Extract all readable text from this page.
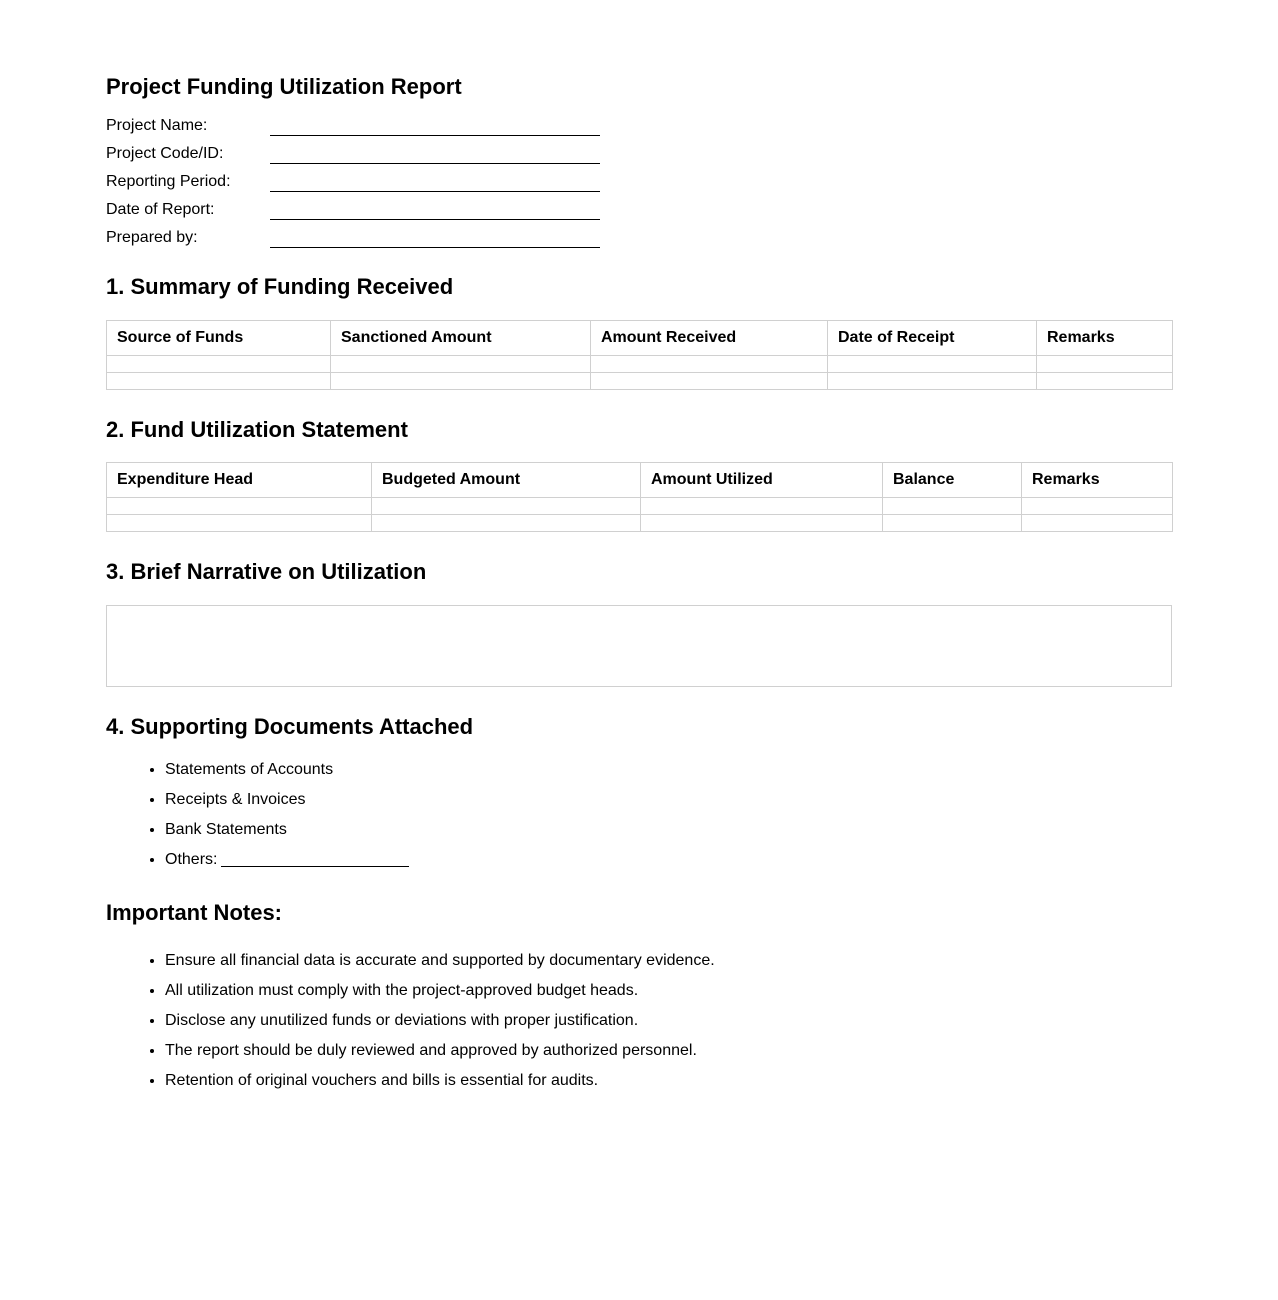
Project Funding Utilization Report
Project Name:
Project Code/ID:
Reporting Period:
Date of Report:
Prepared by:
1. Summary of Funding Received
Source of Funds	Sanctioned Amount	Amount Received	Date of Receipt	Remarks

2. Fund Utilization Statement
Expenditure Head	Budgeted Amount	Amount Utilized	Balance	Remarks

3. Brief Narrative on Utilization
4. Supporting Documents Attached
• Statements of Accounts
• Receipts & Invoices
• Bank Statements
• Others:
Important Notes:
• Ensure all financial data is accurate and supported by documentary evidence.
• All utilization must comply with the project-approved budget heads.
• Disclose any unutilized funds or deviations with proper justification.
• The report should be duly reviewed and approved by authorized personnel.
• Retention of original vouchers and bills is essential for audits.
